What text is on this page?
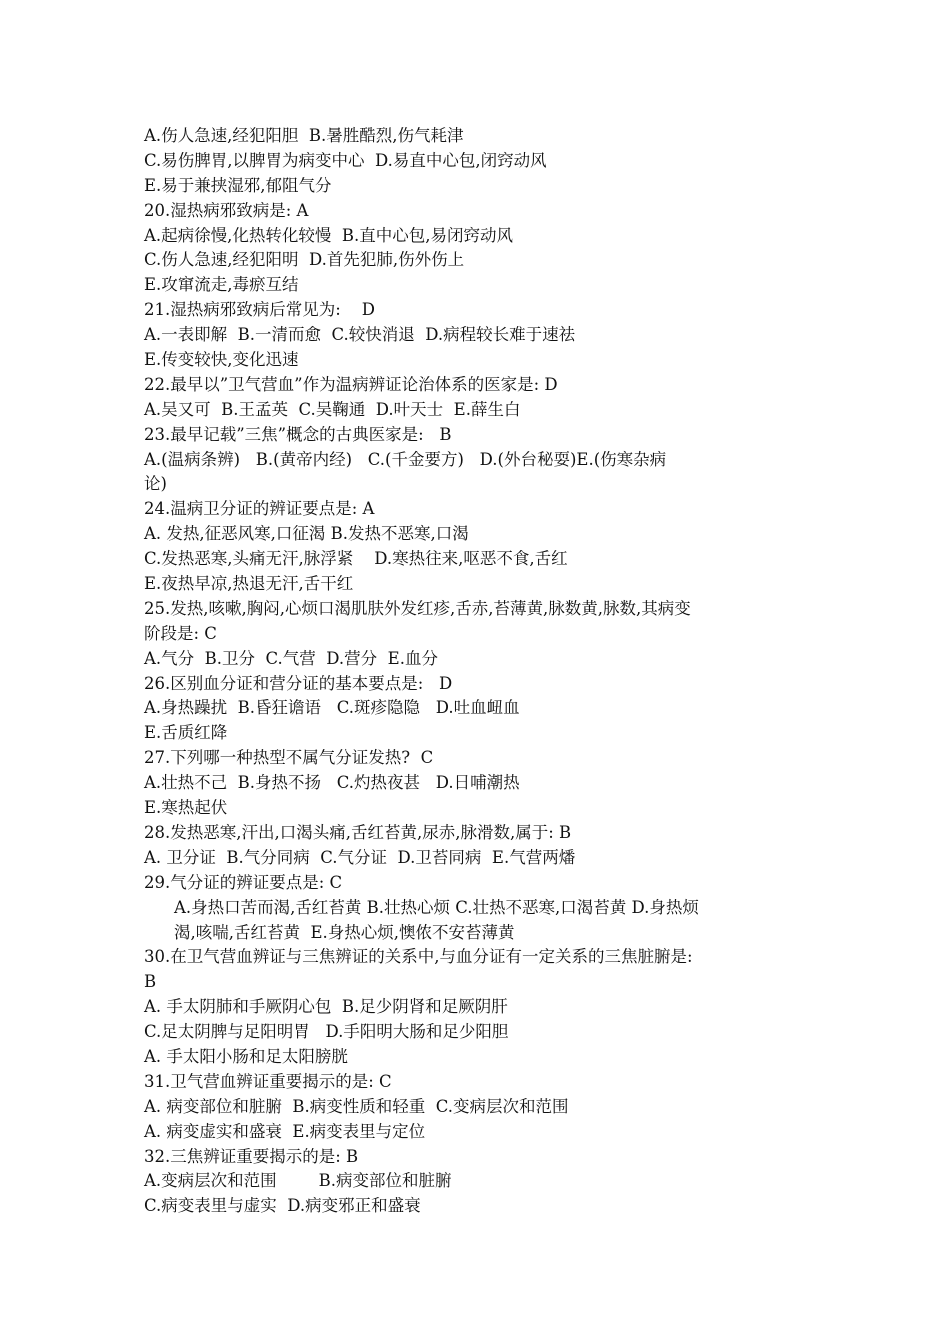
A.伤人急速,经犯阳胆  B.暑胜酷烈,伤气耗津
C.易伤脾胃,以脾胃为病变中心  D.易直中心包,闭窍动风
E.易于兼挟湿邪,郁阻气分
20.湿热病邪致病是: A
A.起病徐慢,化热转化较慢  B.直中心包,易闭窍动风
C.伤人急速,经犯阳明  D.首先犯肺,伤外伤上
E.攻窜流走,毒瘀互结
21.湿热病邪致病后常见为:    D
A.一表即解  B.一清而愈  C.较快消退  D.病程较长难于速祛
E.传变较快,变化迅速
22.最早以”卫气营血”作为温病辨证论治体系的医家是: D
A.吴又可  B.王孟英  C.吴鞠通  D.叶天士  E.薛生白
23.最早记载”三焦”概念的古典医家是:   B
A.(温病条辨)   B.(黄帝内经)   C.(千金要方)   D.(外台秘耍)E.(伤寒杂病
论)
24.温病卫分证的辨证要点是: A
A. 发热,征恶风寒,口征渴 B.发热不恶寒,口渴
C.发热恶寒,头痛无汗,脉浮紧    D.寒热往来,呕恶不食,舌红
E.夜热早凉,热退无汗,舌干红
25.发热,咳嗽,胸闷,心烦口渴肌肤外发红疹,舌赤,苔薄黄,脉数黄,脉数,其病变
阶段是: C
A.气分  B.卫分  C.气营  D.营分  E.血分
26.区别血分证和营分证的基本要点是:   D
A.身热躁扰  B.昏狂谵语   C.斑疹隐隐   D.吐血衄血
E.舌质红降
27.下列哪一种热型不属气分证发热?  C
A.壮热不己  B.身热不扬   C.灼热夜甚   D.日哺潮热
E.寒热起伏
28.发热恶寒,汗出,口渴头痛,舌红苔黄,尿赤,脉滑数,属于: B
A. 卫分证  B.气分同病  C.气分证  D.卫苔同病  E.气营两燔
29.气分证的辨证要点是: C
A.身热口苦而渴,舌红苔黄 B.壮热心烦 C.壮热不恶寒,口渴苔黄 D.身热烦
渴,咳喘,舌红苔黄  E.身热心烦,懊侬不安苔薄黄
30.在卫气营血辨证与三焦辨证的关系中,与血分证有一定关系的三焦脏腑是:
B
A. 手太阴肺和手厥阴心包  B.足少阴肾和足厥阴肝
C.足太阴脾与足阳明胃   D.手阳明大肠和足少阳胆
A. 手太阳小肠和足太阳膀胱
31.卫气营血辨证重要揭示的是: C
A. 病变部位和脏腑  B.病变性质和轻重  C.变病层次和范围
A. 病变虚实和盛衰  E.病变表里与定位
32.三焦辨证重要揭示的是: B
A.变病层次和范围        B.病变部位和脏腑
C.病变表里与虚实  D.病变邪正和盛衰
